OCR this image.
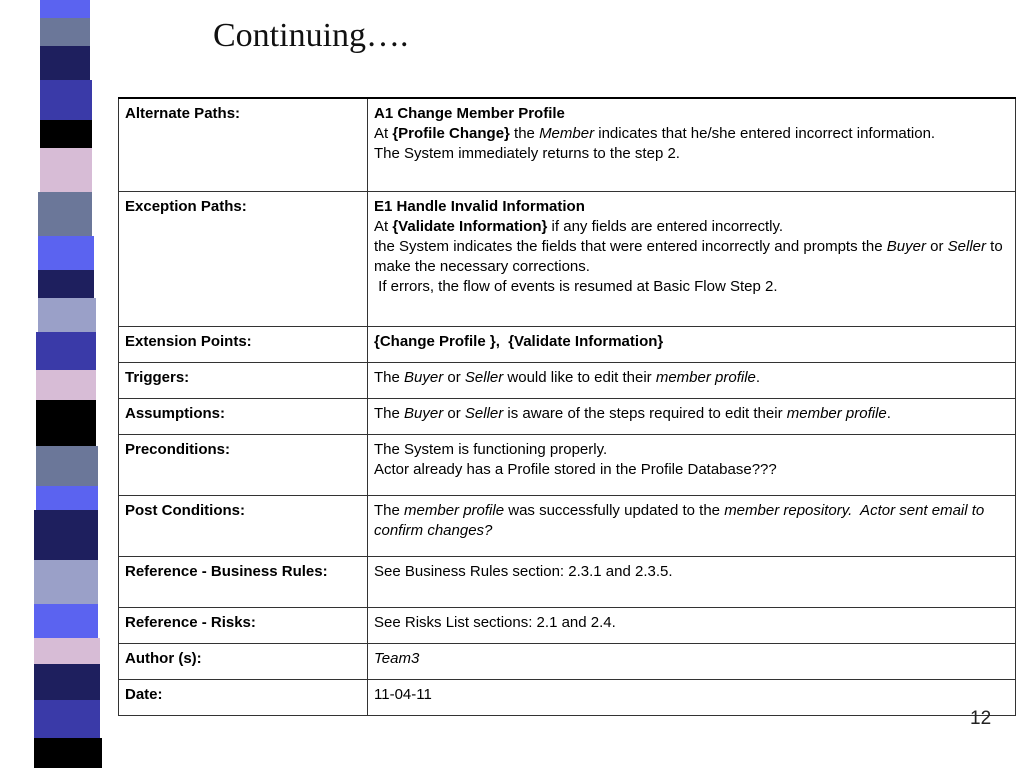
Continuing….
Alternate Paths:	A1 Change Member Profile
At {Profile Change} the Member indicates that he/she entered incorrect information.
The System immediately returns to the step 2.
Exception Paths:	E1 Handle Invalid Information
At {Validate Information} if any fields are entered incorrectly.
the System indicates the fields that were entered incorrectly and prompts the Buyer or Seller to make the necessary corrections.
If errors, the flow of events is resumed at Basic Flow Step 2.
Extension Points:	{Change Profile },  {Validate Information}
Triggers:	The Buyer or Seller would like to edit their member profile.
Assumptions:	The Buyer or Seller is aware of the steps required to edit their member profile.
Preconditions:	The System is functioning properly.
Actor already has a Profile stored in the Profile Database???
Post Conditions:	The member profile was successfully updated to the member repository.  Actor sent email to confirm changes?
Reference - Business Rules:	See Business Rules section: 2.3.1 and 2.3.5.
Reference - Risks:	See Risks List sections: 2.1 and 2.4.
Author (s):	Team3
Date:	11-04-11
12
